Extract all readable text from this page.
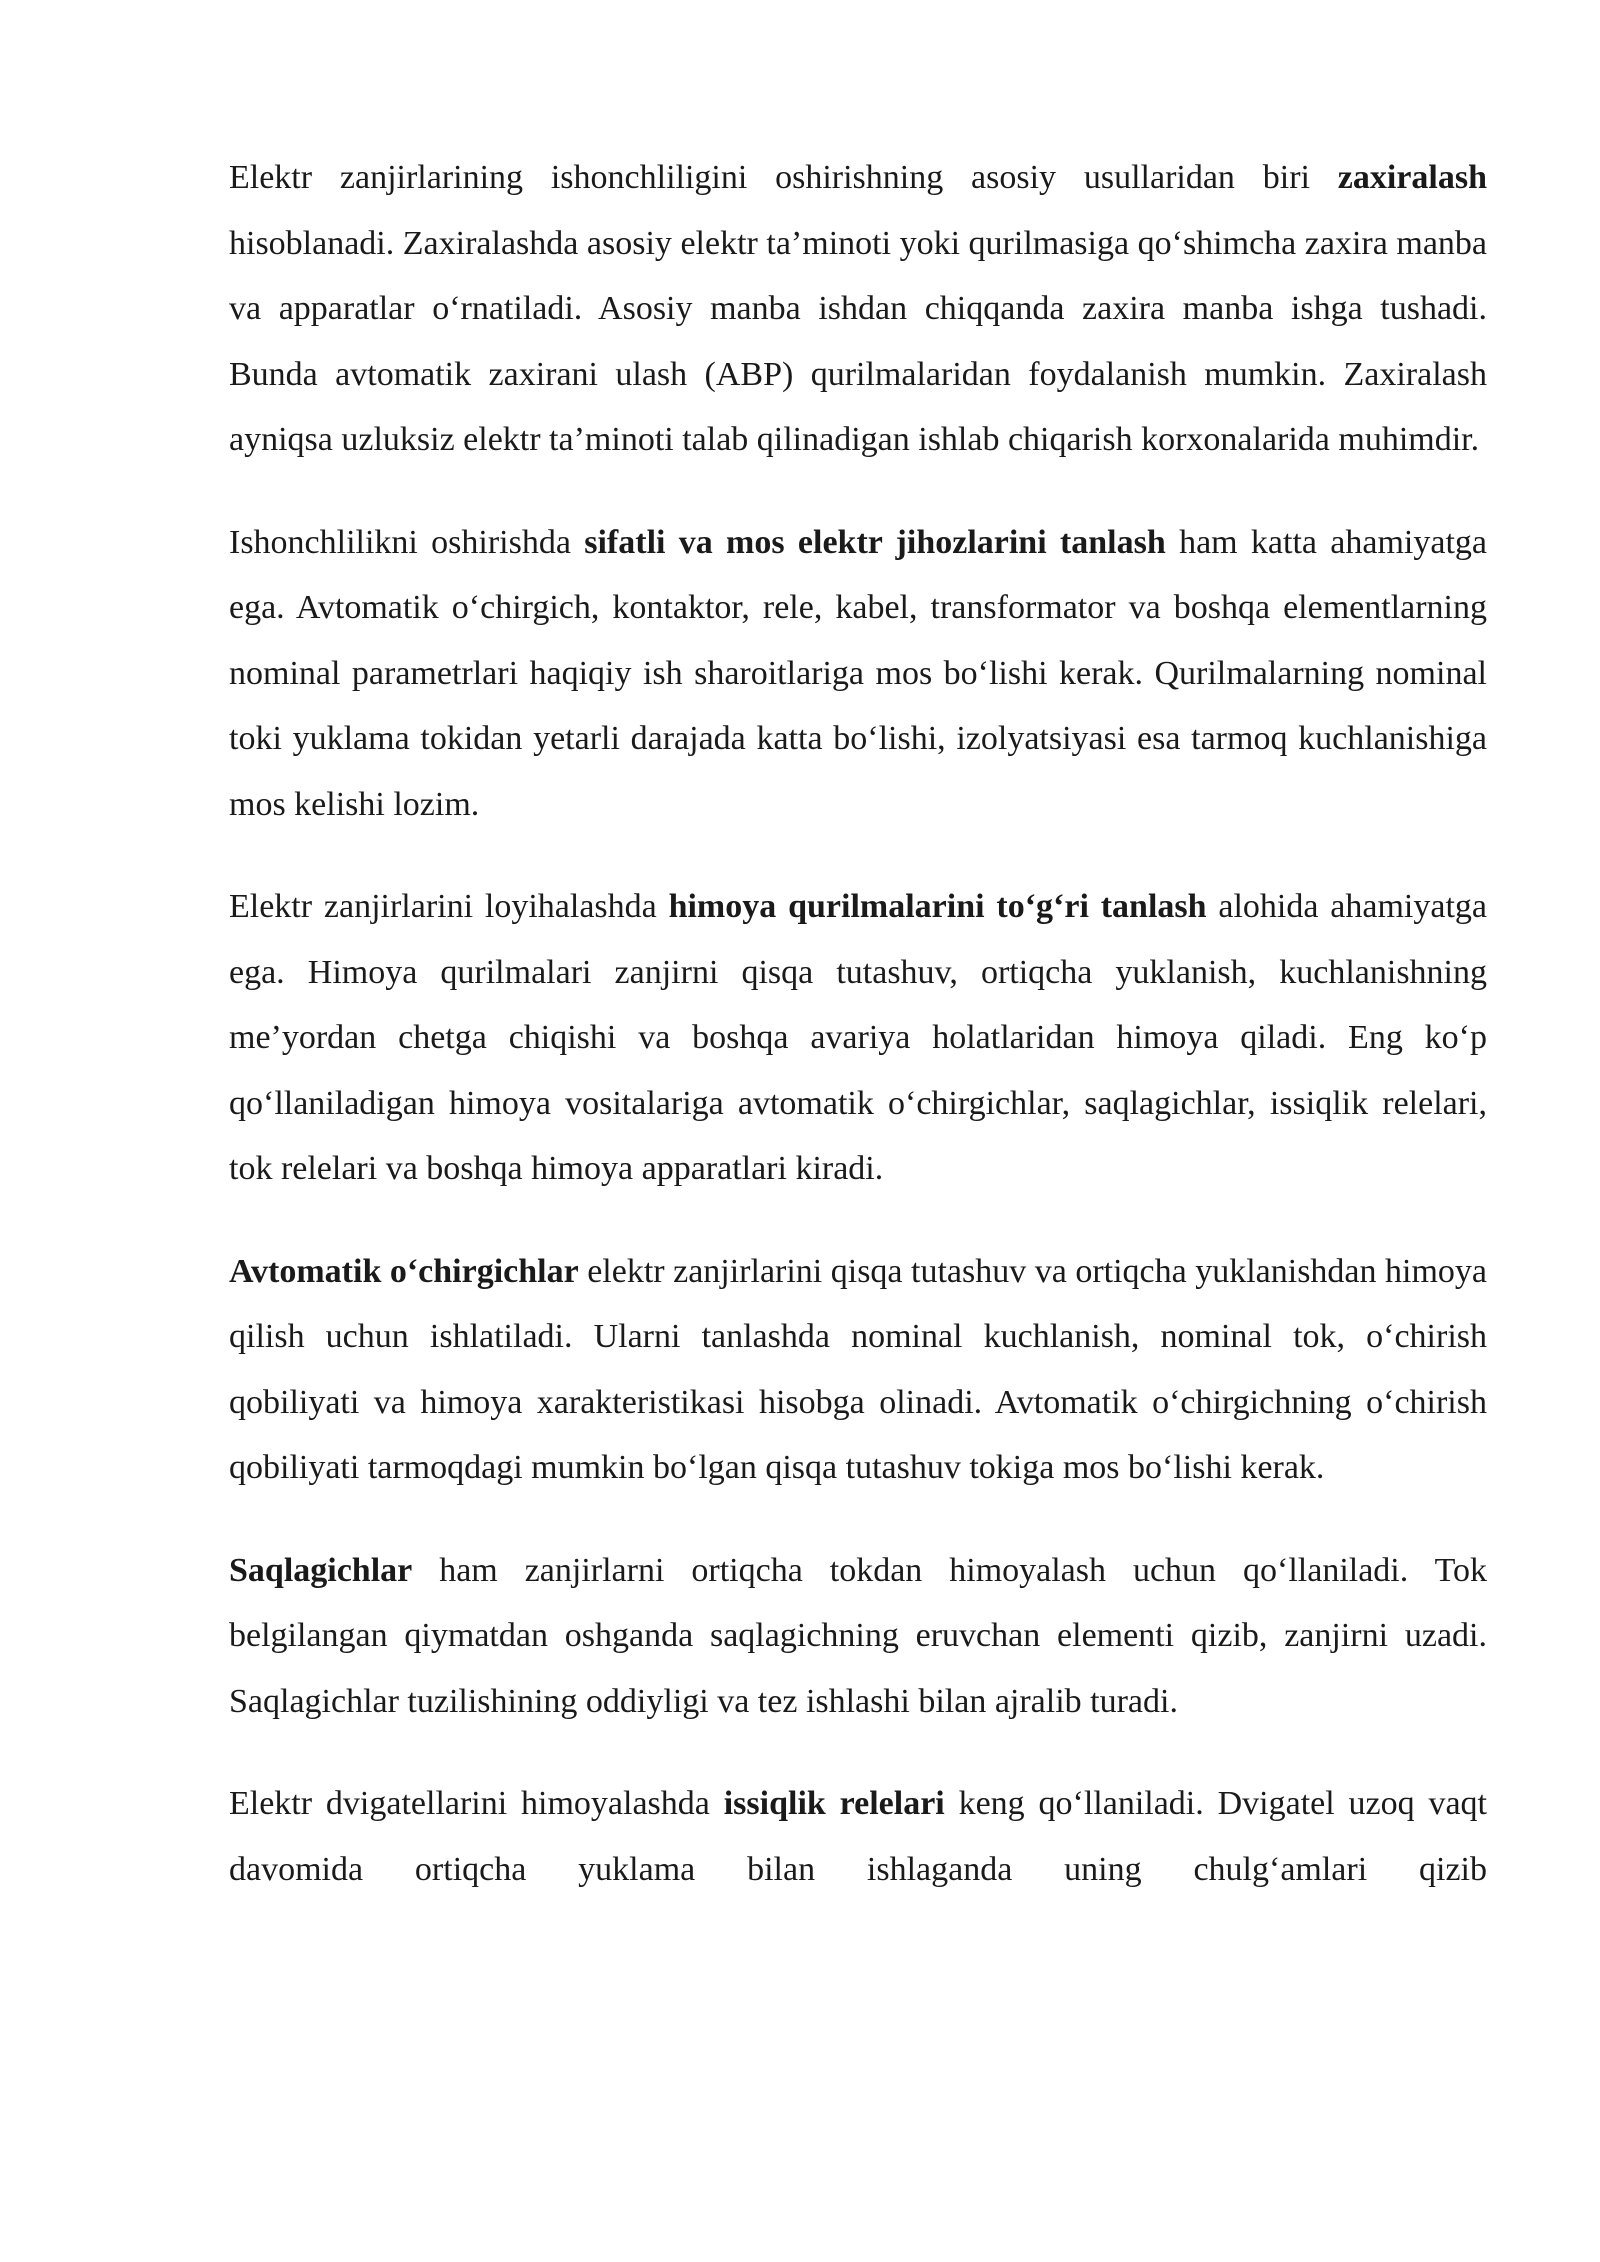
Elektr zanjirlarining ishonchliligini oshirishning asosiy usullaridan biri zaxiralash hisoblanadi. Zaxiralashda asosiy elektr ta’minoti yoki qurilmasiga qo‘shimcha zaxira manba va apparatlar o‘rnatiladi. Asosiy manba ishdan chiqqanda zaxira manba ishga tushadi. Bunda avtomatik zaxirani ulash (ABP) qurilmalaridan foydalanish mumkin. Zaxiralash ayniqsa uzluksiz elektr ta’minoti talab qilinadigan ishlab chiqarish korxonalarida muhimdir.

Ishonchlilikni oshirishda sifatli va mos elektr jihozlarini tanlash ham katta ahamiyatga ega. Avtomatik o‘chirgich, kontaktor, rele, kabel, transformator va boshqa elementlarning nominal parametrlari haqiqiy ish sharoitlariga mos bo‘lishi kerak. Qurilmalarning nominal toki yuklama tokidan yetarli darajada katta bo‘lishi, izolyatsiyasi esa tarmoq kuchlanishiga mos kelishi lozim.

Elektr zanjirlarini loyihalashda himoya qurilmalarini to‘g‘ri tanlash alohida ahamiyatga ega. Himoya qurilmalari zanjirni qisqa tutashuv, ortiqcha yuklanish, kuchlanishning me’yordan chetga chiqishi va boshqa avariya holatlaridan himoya qiladi. Eng ko‘p qo‘llaniladigan himoya vositalariga avtomatik o‘chirgichlar, saqlagichlar, issiqlik relelari, tok relelari va boshqa himoya apparatlari kiradi.

Avtomatik o‘chirgichlar elektr zanjirlarini qisqa tutashuv va ortiqcha yuklanishdan himoya qilish uchun ishlatiladi. Ularni tanlashda nominal kuchlanish, nominal tok, o‘chirish qobiliyati va himoya xarakteristikasi hisobga olinadi. Avtomatik o‘chirgichning o‘chirish qobiliyati tarmoqdagi mumkin bo‘lgan qisqa tutashuv tokiga mos bo‘lishi kerak.

Saqlagichlar ham zanjirlarni ortiqcha tokdan himoyalash uchun qo‘llaniladi. Tok belgilangan qiymatdan oshganda saqlagichning eruvchan elementi qizib, zanjirni uzadi. Saqlagichlar tuzilishining oddiyligi va tez ishlashi bilan ajralib turadi.

Elektr dvigatellarini himoyalashda issiqlik relelari keng qo‘llaniladi. Dvigatel uzoq vaqt davomida ortiqcha yuklama bilan ishlaganda uning chulg‘amlari qizib
